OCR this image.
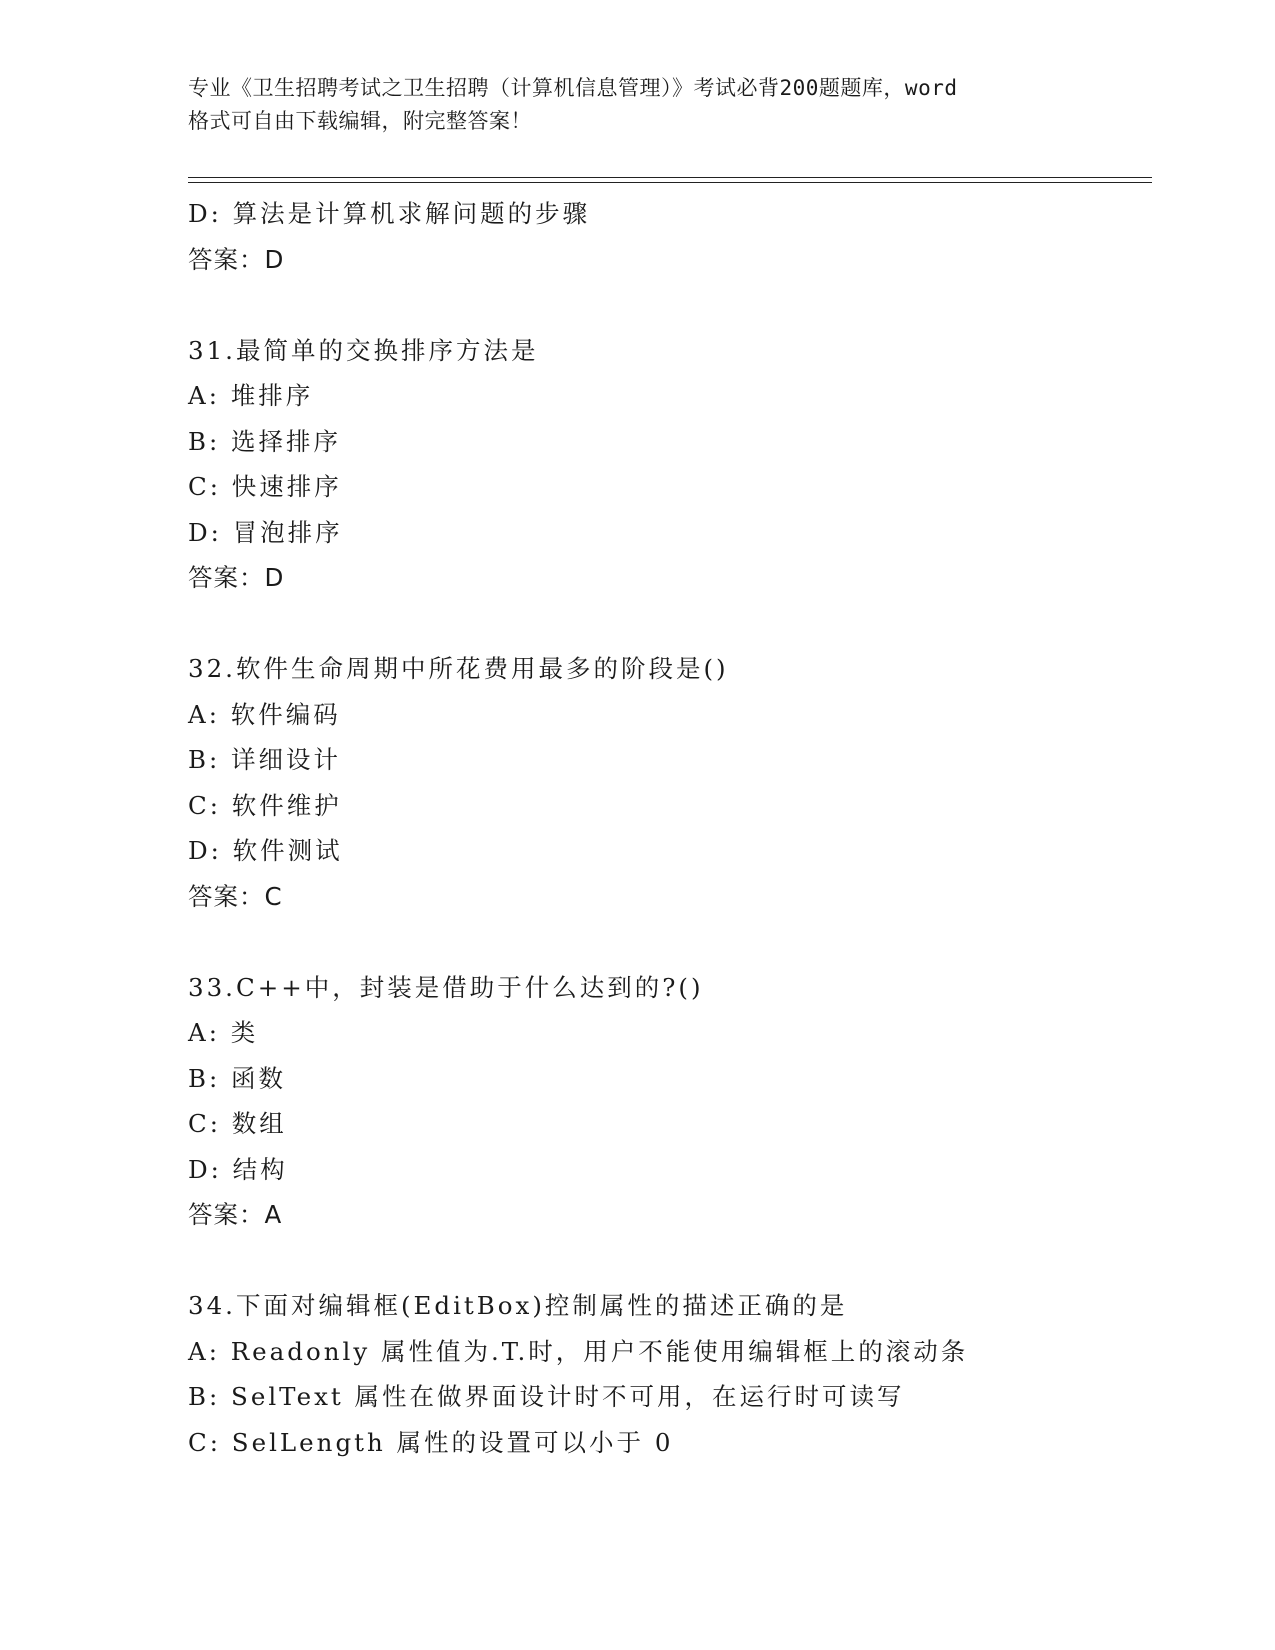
专业《卫生招聘考试之卫生招聘（计算机信息管理）》考试必背200题题库，word
格式可自由下载编辑，附完整答案！
D: 算法是计算机求解问题的步骤
答案：D
31.最简单的交换排序方法是
A: 堆排序
B: 选择排序
C: 快速排序
D: 冒泡排序
答案：D
32.软件生命周期中所花费用最多的阶段是()
A: 软件编码
B: 详细设计
C: 软件维护
D: 软件测试
答案：C
33.C++中，封装是借助于什么达到的?()
A: 类
B: 函数
C: 数组
D: 结构
答案：A
34.下面对编辑框(EditBox)控制属性的描述正确的是
A: Readonly 属性值为.T.时，用户不能使用编辑框上的滚动条
B: SelText 属性在做界面设计时不可用，在运行时可读写
C: SelLength 属性的设置可以小于 0
